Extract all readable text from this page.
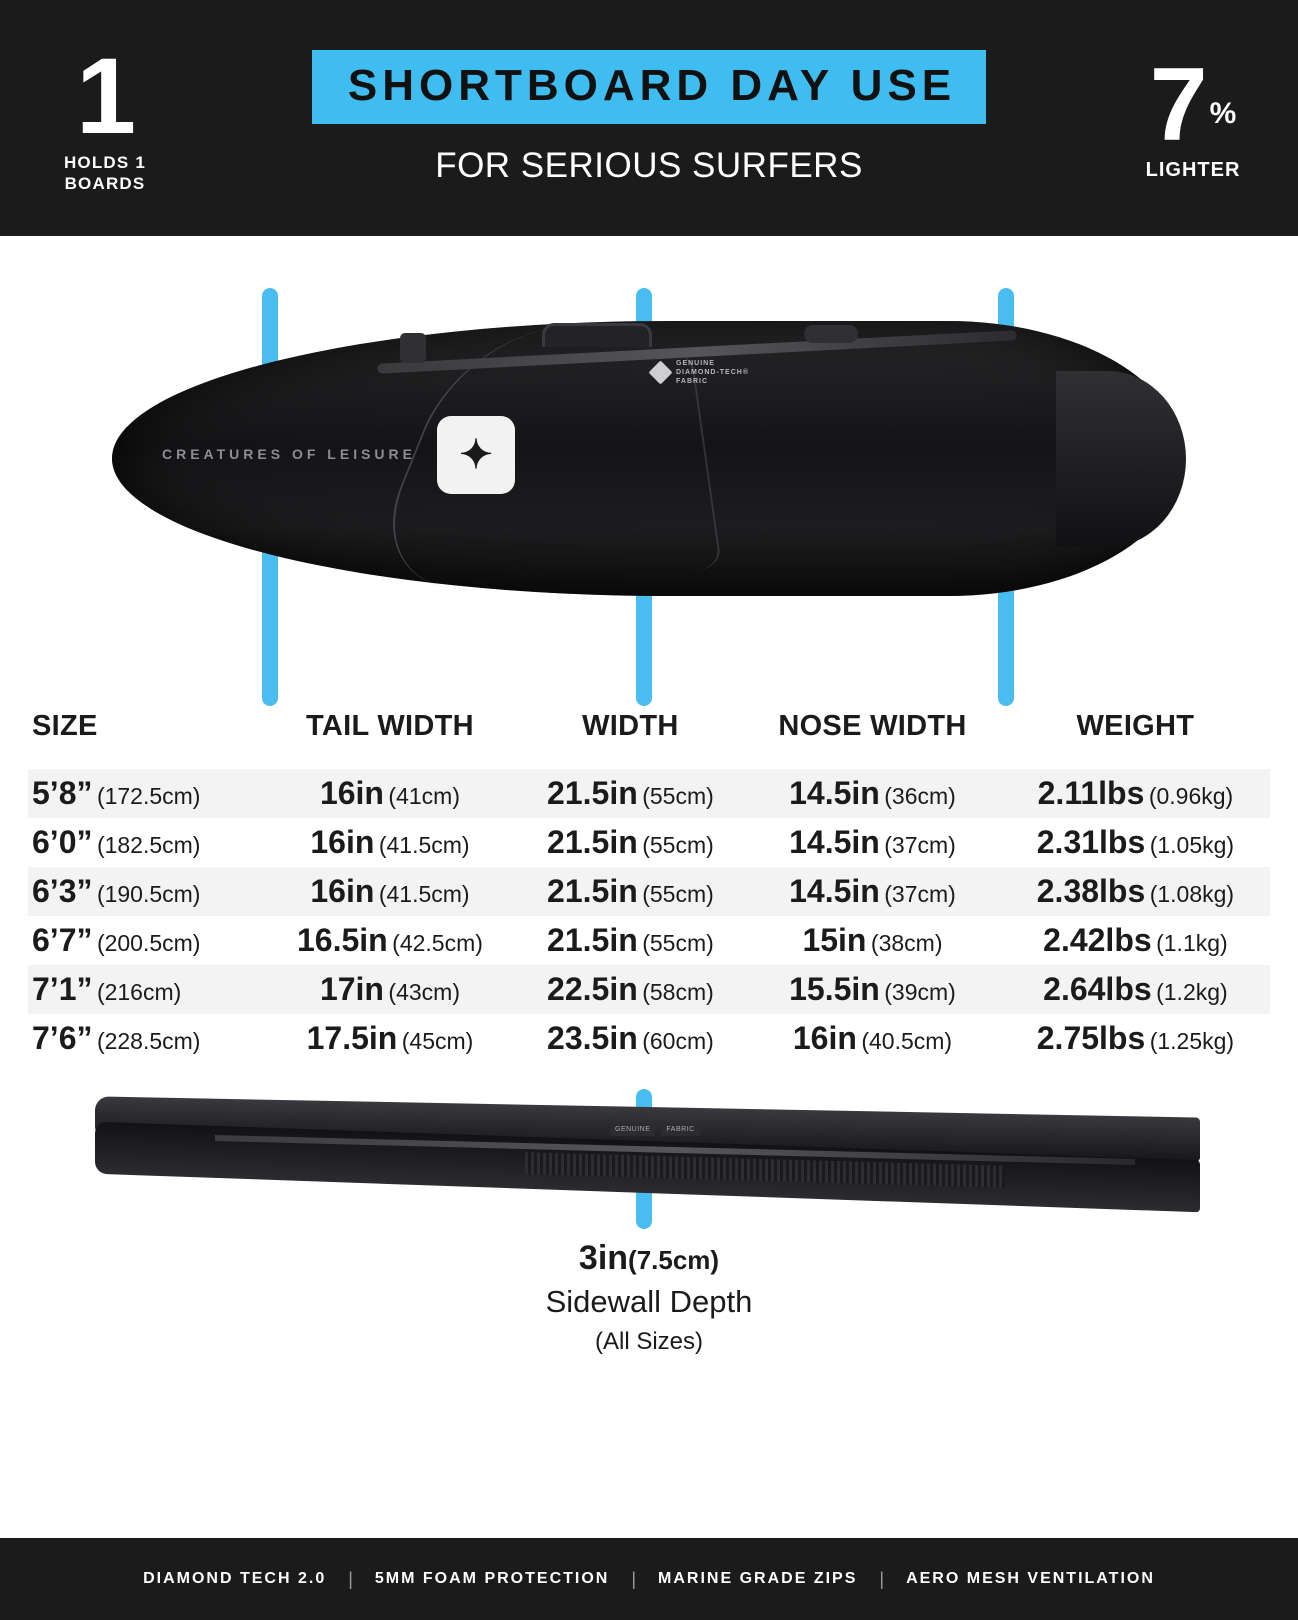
1
HOLDS 1
BOARDS
SHORTBOARD DAY USE
FOR SERIOUS SURFERS
7 %
LIGHTER
CREATURES OF LEISURE	✦
GENUINE
DIAMOND-TECH®
FABRIC
SIZE	TAIL WIDTH	WIDTH	NOSE WIDTH	WEIGHT
5’8” (172.5cm)	16in (41cm)	21.5in (55cm)	14.5in (36cm)	2.11lbs (0.96kg)
6’0” (182.5cm)	16in (41.5cm)	21.5in (55cm)	14.5in (37cm)	2.31lbs (1.05kg)
6’3” (190.5cm)	16in (41.5cm)	21.5in (55cm)	14.5in (37cm)	2.38lbs (1.08kg)
6’7” (200.5cm)	16.5in (42.5cm)	21.5in (55cm)	15in (38cm)	2.42lbs (1.1kg)
7’1” (216cm)	17in (43cm)	22.5in (58cm)	15.5in (39cm)	2.64lbs (1.2kg)
7’6” (228.5cm)	17.5in (45cm)	23.5in (60cm)	16in (40.5cm)	2.75lbs (1.25kg)
GENUINE	FABRIC
3in(7.5cm)
Sidewall Depth
(All Sizes)
DIAMOND TECH 2.0	|	5MM FOAM PROTECTION	|	MARINE GRADE ZIPS	|	AERO MESH VENTILATION
